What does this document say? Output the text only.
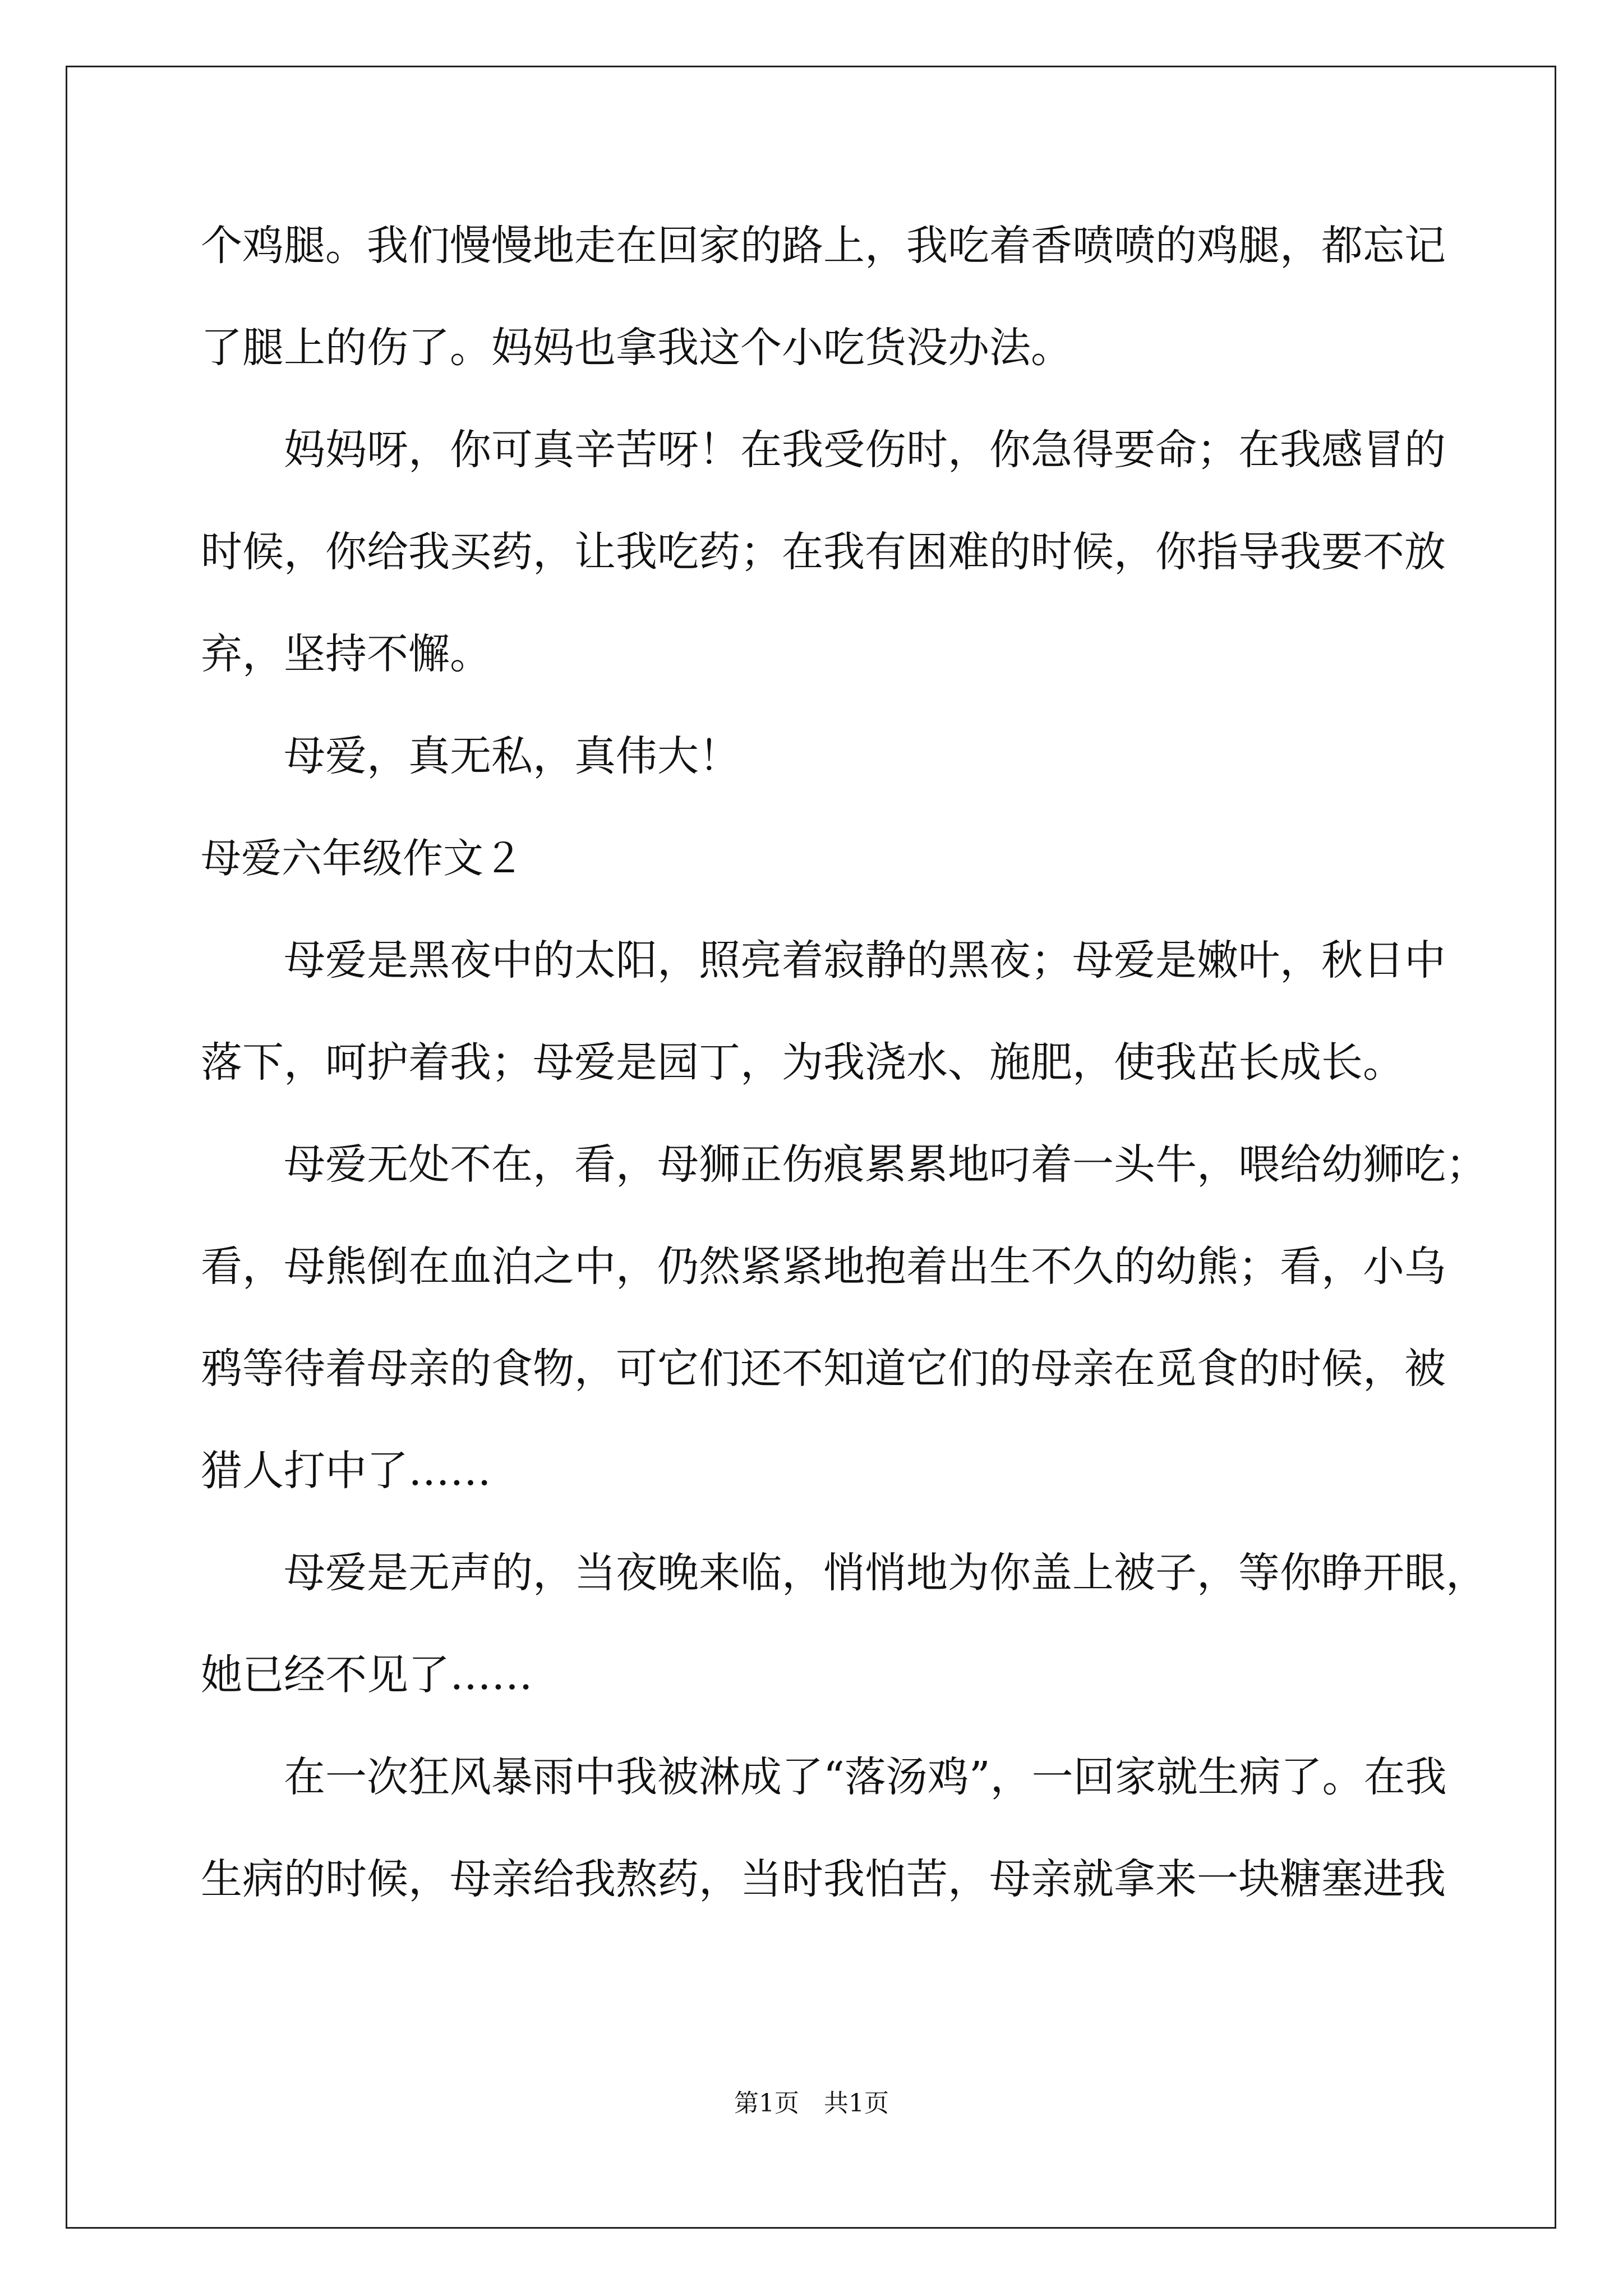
个鸡腿。我们慢慢地走在回家的路上，我吃着香喷喷的鸡腿，都忘记
了腿上的伤了。妈妈也拿我这个小吃货没办法。
妈妈呀，你可真辛苦呀！在我受伤时，你急得要命；在我感冒的
时候，你给我买药，让我吃药；在我有困难的时候，你指导我要不放
弃，坚持不懈。
母爱，真无私，真伟大！
母爱六年级作文２
母爱是黑夜中的太阳，照亮着寂静的黑夜；母爱是嫩叶，秋日中
落下，呵护着我；母爱是园丁，为我浇水、施肥，使我茁长成长。
母爱无处不在，看，母狮正伤痕累累地叼着一头牛，喂给幼狮吃；
看，母熊倒在血泊之中，仍然紧紧地抱着出生不久的幼熊；看，小乌
鸦等待着母亲的食物，可它们还不知道它们的母亲在觅食的时候，被
猎人打中了……
母爱是无声的，当夜晚来临，悄悄地为你盖上被子，等你睁开眼，
她已经不见了……
在一次狂风暴雨中我被淋成了“落汤鸡”，一回家就生病了。在我
生病的时候，母亲给我熬药，当时我怕苦，母亲就拿来一块糖塞进我
第1页　共1页
